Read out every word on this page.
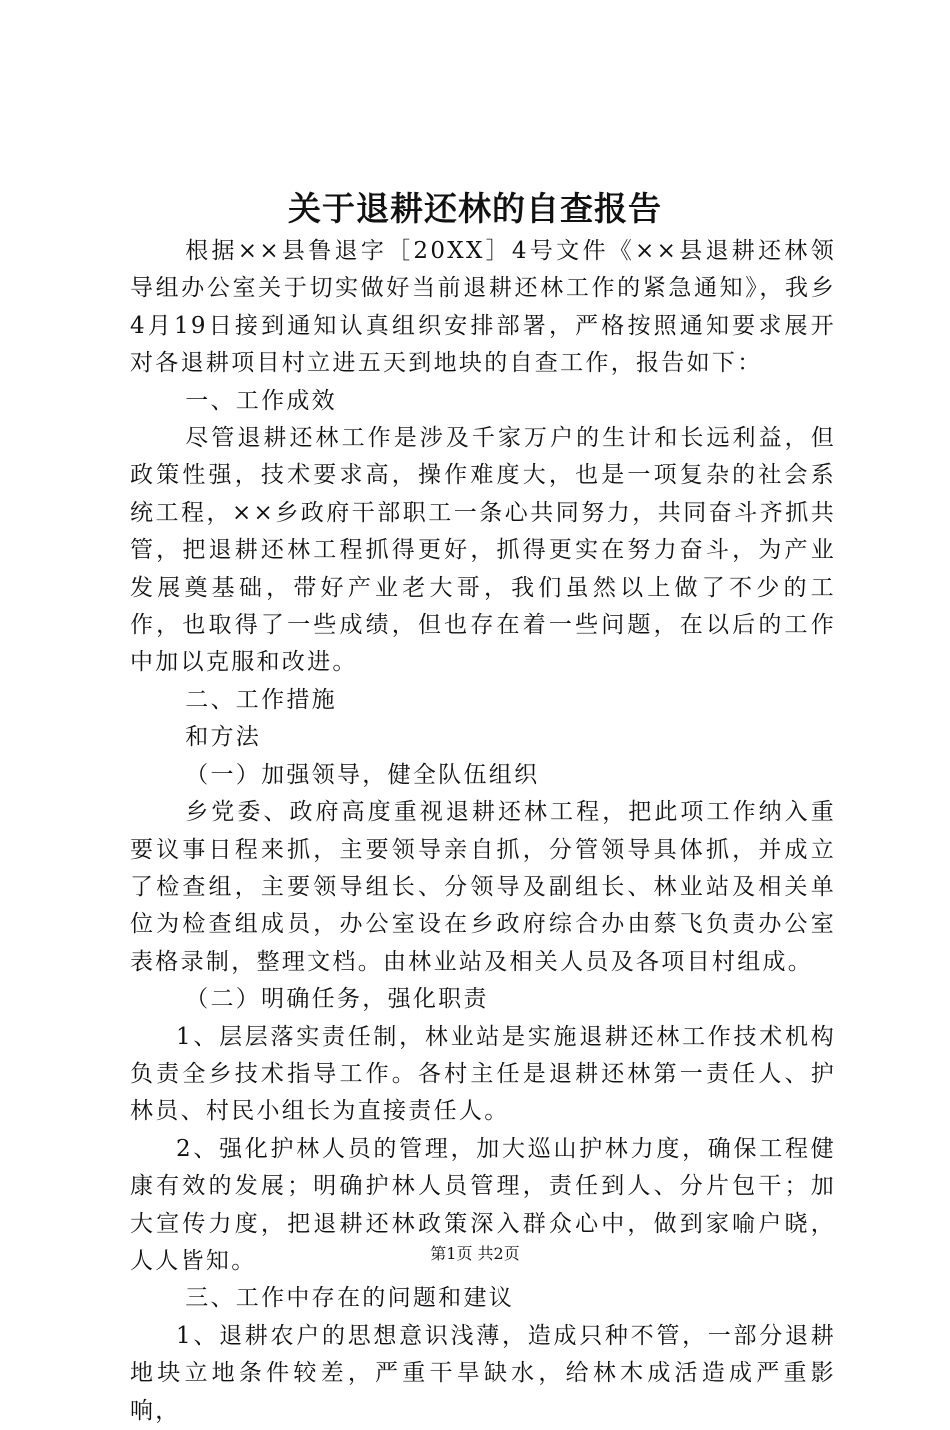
关于退耕还林的自查报告

根据××县鲁退字［20XX］4号文件《××县退耕还林领导组办公室关于切实做好当前退耕还林工作的紧急通知》，我乡4月19日接到通知认真组织安排部署，严格按照通知要求展开对各退耕项目村立进五天到地块的自查工作，报告如下：

一、工作成效

尽管退耕还林工作是涉及千家万户的生计和长远利益，但政策性强，技术要求高，操作难度大，也是一项复杂的社会系统工程，××乡政府干部职工一条心共同努力，共同奋斗齐抓共管，把退耕还林工程抓得更好，抓得更实在努力奋斗，为产业发展奠基础，带好产业老大哥，我们虽然以上做了不少的工作，也取得了一些成绩，但也存在着一些问题，在以后的工作中加以克服和改进。

二、工作措施

和方法

（一）加强领导，健全队伍组织

乡党委、政府高度重视退耕还林工程，把此项工作纳入重要议事日程来抓，主要领导亲自抓，分管领导具体抓，并成立了检查组，主要领导组长、分领导及副组长、林业站及相关单位为检查组成员，办公室设在乡政府综合办由蔡飞负责办公室表格录制，整理文档。由林业站及相关人员及各项目村组成。

（二）明确任务，强化职责

1、层层落实责任制，林业站是实施退耕还林工作技术机构负责全乡技术指导工作。各村主任是退耕还林第一责任人、护林员、村民小组长为直接责任人。

2、强化护林人员的管理，加大巡山护林力度，确保工程健康有效的发展；明确护林人员管理，责任到人、分片包干；加大宣传力度，把退耕还林政策深入群众心中，做到家喻户晓，人人皆知。

三、工作中存在的问题和建议

1、退耕农户的思想意识浅薄，造成只种不管，一部分退耕地块立地条件较差，严重干旱缺水，给林木成活造成严重影响，

第1页 共2页
